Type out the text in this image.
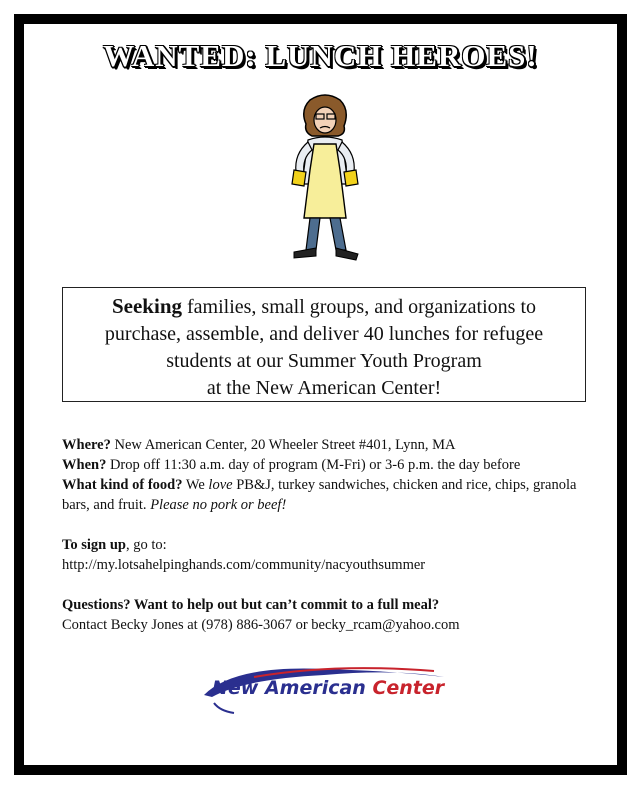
WANTED: LUNCH HEROES!
Seeking families, small groups, and organizations to
purchase, assemble, and deliver 40 lunches for refugee
students at our Summer Youth Program
at the New American Center!

Where? New American Center, 20 Wheeler Street #401, Lynn, MA

When? Drop off 11:30 a.m. day of program (M-Fri) or 3-6 p.m. the day before

What kind of food? We love PB&J, turkey sandwiches, chicken and rice, chips, granola bars, and fruit. Please no pork or beef!

To sign up, go to:

http://my.lotsahelpinghands.com/community/nacyouthsummer

Questions? Want to help out but can’t commit to a full meal?

Contact Becky Jones at (978) 886-3067 or becky_rcam@yahoo.com

New American Center
